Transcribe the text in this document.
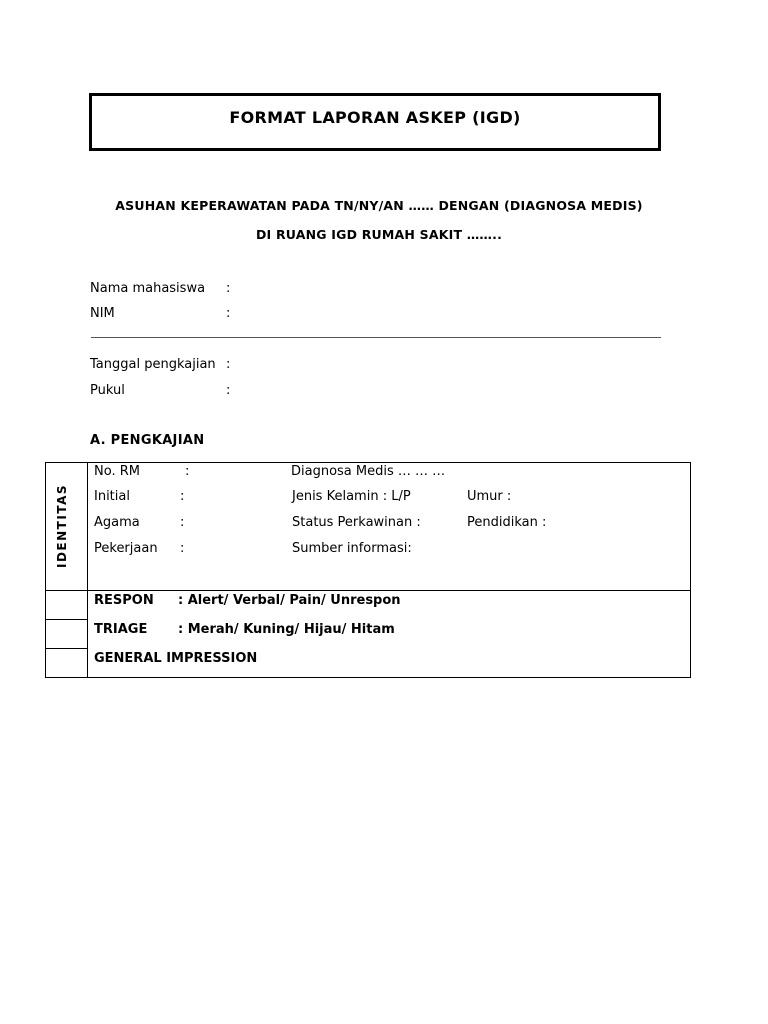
FORMAT LAPORAN ASKEP (IGD)
ASUHAN KEPERAWATAN PADA TN/NY/AN …… DENGAN (DIAGNOSA MEDIS)
DI RUANG IGD RUMAH SAKIT ……..
Nama mahasiswa :
NIM	:
Tanggal pengkajian :
Pukul	:
A. PENGKAJIAN
IDENTITAS
No. RM	:	Diagnosa Medis … … …
Initial	:	Jenis Kelamin : L/P	Umur :
Agama	:	Status Perkawinan :	Pendidikan :
Pekerjaan :	Sumber informasi:
RESPON : Alert/ Verbal/ Pain/ Unrespon
TRIAGE : Merah/ Kuning/ Hijau/ Hitam
GENERAL IMPRESSION
